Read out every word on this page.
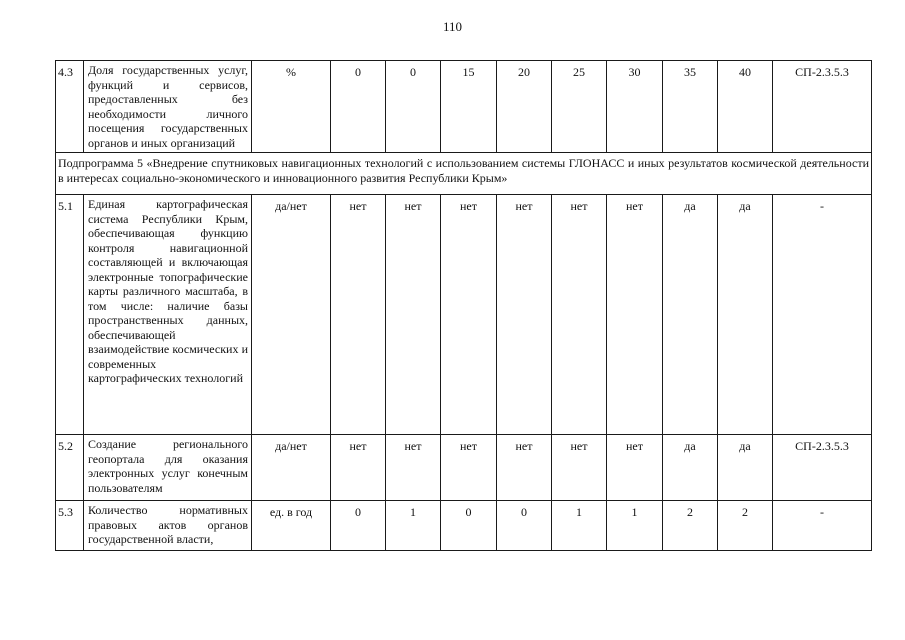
110
4.3	Доля государственных услуг, функций и сервисов, предоставленных без необходимости личного посещения государственных органов и иных организаций	%	0	0	15	20	25	30	35	40	СП-2.3.5.3
Подпрограмма 5 «Внедрение спутниковых навигационных технологий с использованием системы ГЛОНАСС и иных результатов космической деятельности в интересах социально-экономического и инновационного развития Республики Крым»											
5.1	Единая картографическая система Республики Крым, обеспечивающая функцию контроля навигационной составляющей и включающая электронные топографические карты различного масштаба, в том числе: наличие базы пространственных данных, обеспечивающей взаимодействие космических и современных картографических технологий	да/нет	нет	нет	нет	нет	нет	нет	да	да	-
5.2	Создание регионального геопортала для оказания электронных услуг конечным пользователям	да/нет	нет	нет	нет	нет	нет	нет	да	да	СП-2.3.5.3
5.3	Количество нормативных правовых актов органов государственной власти,	ед. в год	0	1	0	0	1	1	2	2	-
